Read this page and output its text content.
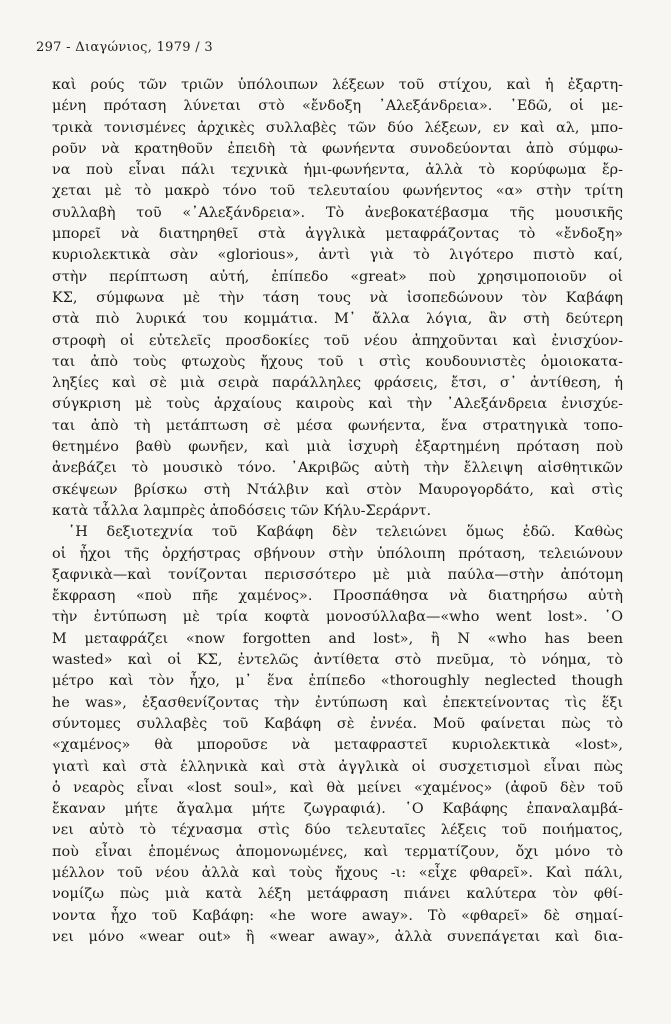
297 - Διαγώνιος, 1979 / 3
καὶ ρούς τῶν τριῶν ὑπόλοιπων λέξεων τοῦ στίχου, καὶ ἡ ἐξαρτη-
μένη πρόταση λύνεται στὸ «ἔνδοξη ᾽Αλεξάνδρεια». ᾽Εδῶ, οἱ με-
τρικὰ τονισμένες ἀρχικὲς συλλαβὲς τῶν δύο λέξεων, εν καὶ αλ, μπο-
ροῦν νὰ κρατηθοῦν ἐπειδὴ τὰ φωνήεντα συνοδεύονται ἀπὸ σύμφω-
να ποὺ εἶναι πάλι τεχνικὰ ἡμι-φωνήεντα, ἀλλὰ τὸ κορύφωμα ἔρ-
χεται μὲ τὸ μακρὸ τόνο τοῦ τελευταίου φωνήεντος «α» στὴν τρίτη
συλλαβὴ τοῦ «᾽Αλεξάνδρεια». Τὸ ἀνεβοκατέβασμα τῆς μουσικῆς
μπορεῖ νὰ διατηρηθεῖ στὰ ἀγγλικὰ μεταφράζοντας τὸ «ἔνδοξη»
κυριολεκτικὰ σὰν «glorious», ἀντὶ γιὰ τὸ λιγότερο πιστὸ καί,
στὴν περίπτωση αὐτή, ἐπίπεδο «great» ποὺ χρησιμοποιοῦν οἱ
ΚΣ, σύμφωνα μὲ τὴν τάση τους νὰ ἰσοπεδώνουν τὸν Καβάφη
στὰ πιὸ λυρικά του κομμάτια. Μ᾽ ἄλλα λόγια, ἂν στὴ δεύτερη
στροφὴ οἱ εὐτελεῖς προσδοκίες τοῦ νέου ἀπηχοῦνται καὶ ἐνισχύον-
ται ἀπὸ τοὺς φτωχοὺς ἤχους τοῦ ι στὶς κουδουνιστὲς ὁμοιοκατα-
ληξίες καὶ σὲ μιὰ σειρὰ παράλληλες φράσεις, ἔτσι, σ᾽ ἀντίθεση, ἡ
σύγκριση μὲ τοὺς ἀρχαίους καιροὺς καὶ τὴν ᾽Αλεξάνδρεια ἐνισχύε-
ται ἀπὸ τὴ μετάπτωση σὲ μέσα φωνήεντα, ἕνα στρατηγικὰ τοπο-
θετημένο βαθὺ φωνῆεν, καὶ μιὰ ἰσχυρὴ ἐξαρτημένη πρόταση ποὺ
ἀνεβάζει τὸ μουσικὸ τόνο. ᾽Ακριβῶς αὐτὴ τὴν ἔλλειψη αἰσθητικῶν
σκέψεων βρίσκω στὴ Ντάλβιν καὶ στὸν Μαυρογορδάτο, καὶ στὶς
κατὰ τἆλλα λαμπρὲς ἀποδόσεις τῶν Κήλυ-Σεράρντ.
῾Η δεξιοτεχνία τοῦ Καβάφη δὲν τελειώνει ὅμως ἐδῶ. Καθὼς
οἱ ἦχοι τῆς ὀρχήστρας σβήνουν στὴν ὑπόλοιπη πρόταση, τελειώνουν
ξαφνικὰ—καὶ τονίζονται περισσότερο μὲ μιὰ παύλα—στὴν ἀπότομη
ἔκφραση «ποὺ πῆε χαμένος». Προσπάθησα νὰ διατηρήσω αὐτὴ
τὴν ἐντύπωση μὲ τρία κοφτὰ μονοσύλλαβα—«who went lost». ῾Ο
Μ μεταφράζει «now forgotten and lost», ἢ Ν «who has been
wasted» καὶ οἱ ΚΣ, ἐντελῶς ἀντίθετα στὸ πνεῦμα, τὸ νόημα, τὸ
μέτρο καὶ τὸν ἦχο, μ᾽ ἕνα ἐπίπεδο «thoroughly neglected though
he was», ἐξασθενίζοντας τὴν ἐντύπωση καὶ ἐπεκτείνοντας τὶς ἕξι
σύντομες συλλαβὲς τοῦ Καβάφη σὲ ἐννέα. Μοῦ φαίνεται πὼς τὸ
«χαμένος» θὰ μποροῦσε νὰ μεταφραστεῖ κυριολεκτικὰ «lost»,
γιατὶ καὶ στὰ ἑλληνικὰ καὶ στὰ ἀγγλικὰ οἱ συσχετισμοὶ εἶναι πὼς
ὁ νεαρὸς εἶναι «lost soul», καὶ θὰ μείνει «χαμένος» (ἀφοῦ δὲν τοῦ
ἔκαναν μήτε ἄγαλμα μήτε ζωγραφιά). ῾Ο Καβάφης ἐπαναλαμβά-
νει αὐτὸ τὸ τέχνασμα στὶς δύο τελευταῖες λέξεις τοῦ ποιήματος,
ποὺ εἶναι ἑπομένως ἀπομονωμένες, καὶ τερματίζουν, ὄχι μόνο τὸ
μέλλον τοῦ νέου ἀλλὰ καὶ τοὺς ἤχους -ι: «εἶχε φθαρεῖ». Καὶ πάλι,
νομίζω πὼς μιὰ κατὰ λέξη μετάφραση πιάνει καλύτερα τὸν φθί-
νοντα ἦχο τοῦ Καβάφη: «he wore away». Τὸ «φθαρεῖ» δὲ σημαί-
νει μόνο «wear out» ἢ «wear away», ἀλλὰ συνεπάγεται καὶ δια-
